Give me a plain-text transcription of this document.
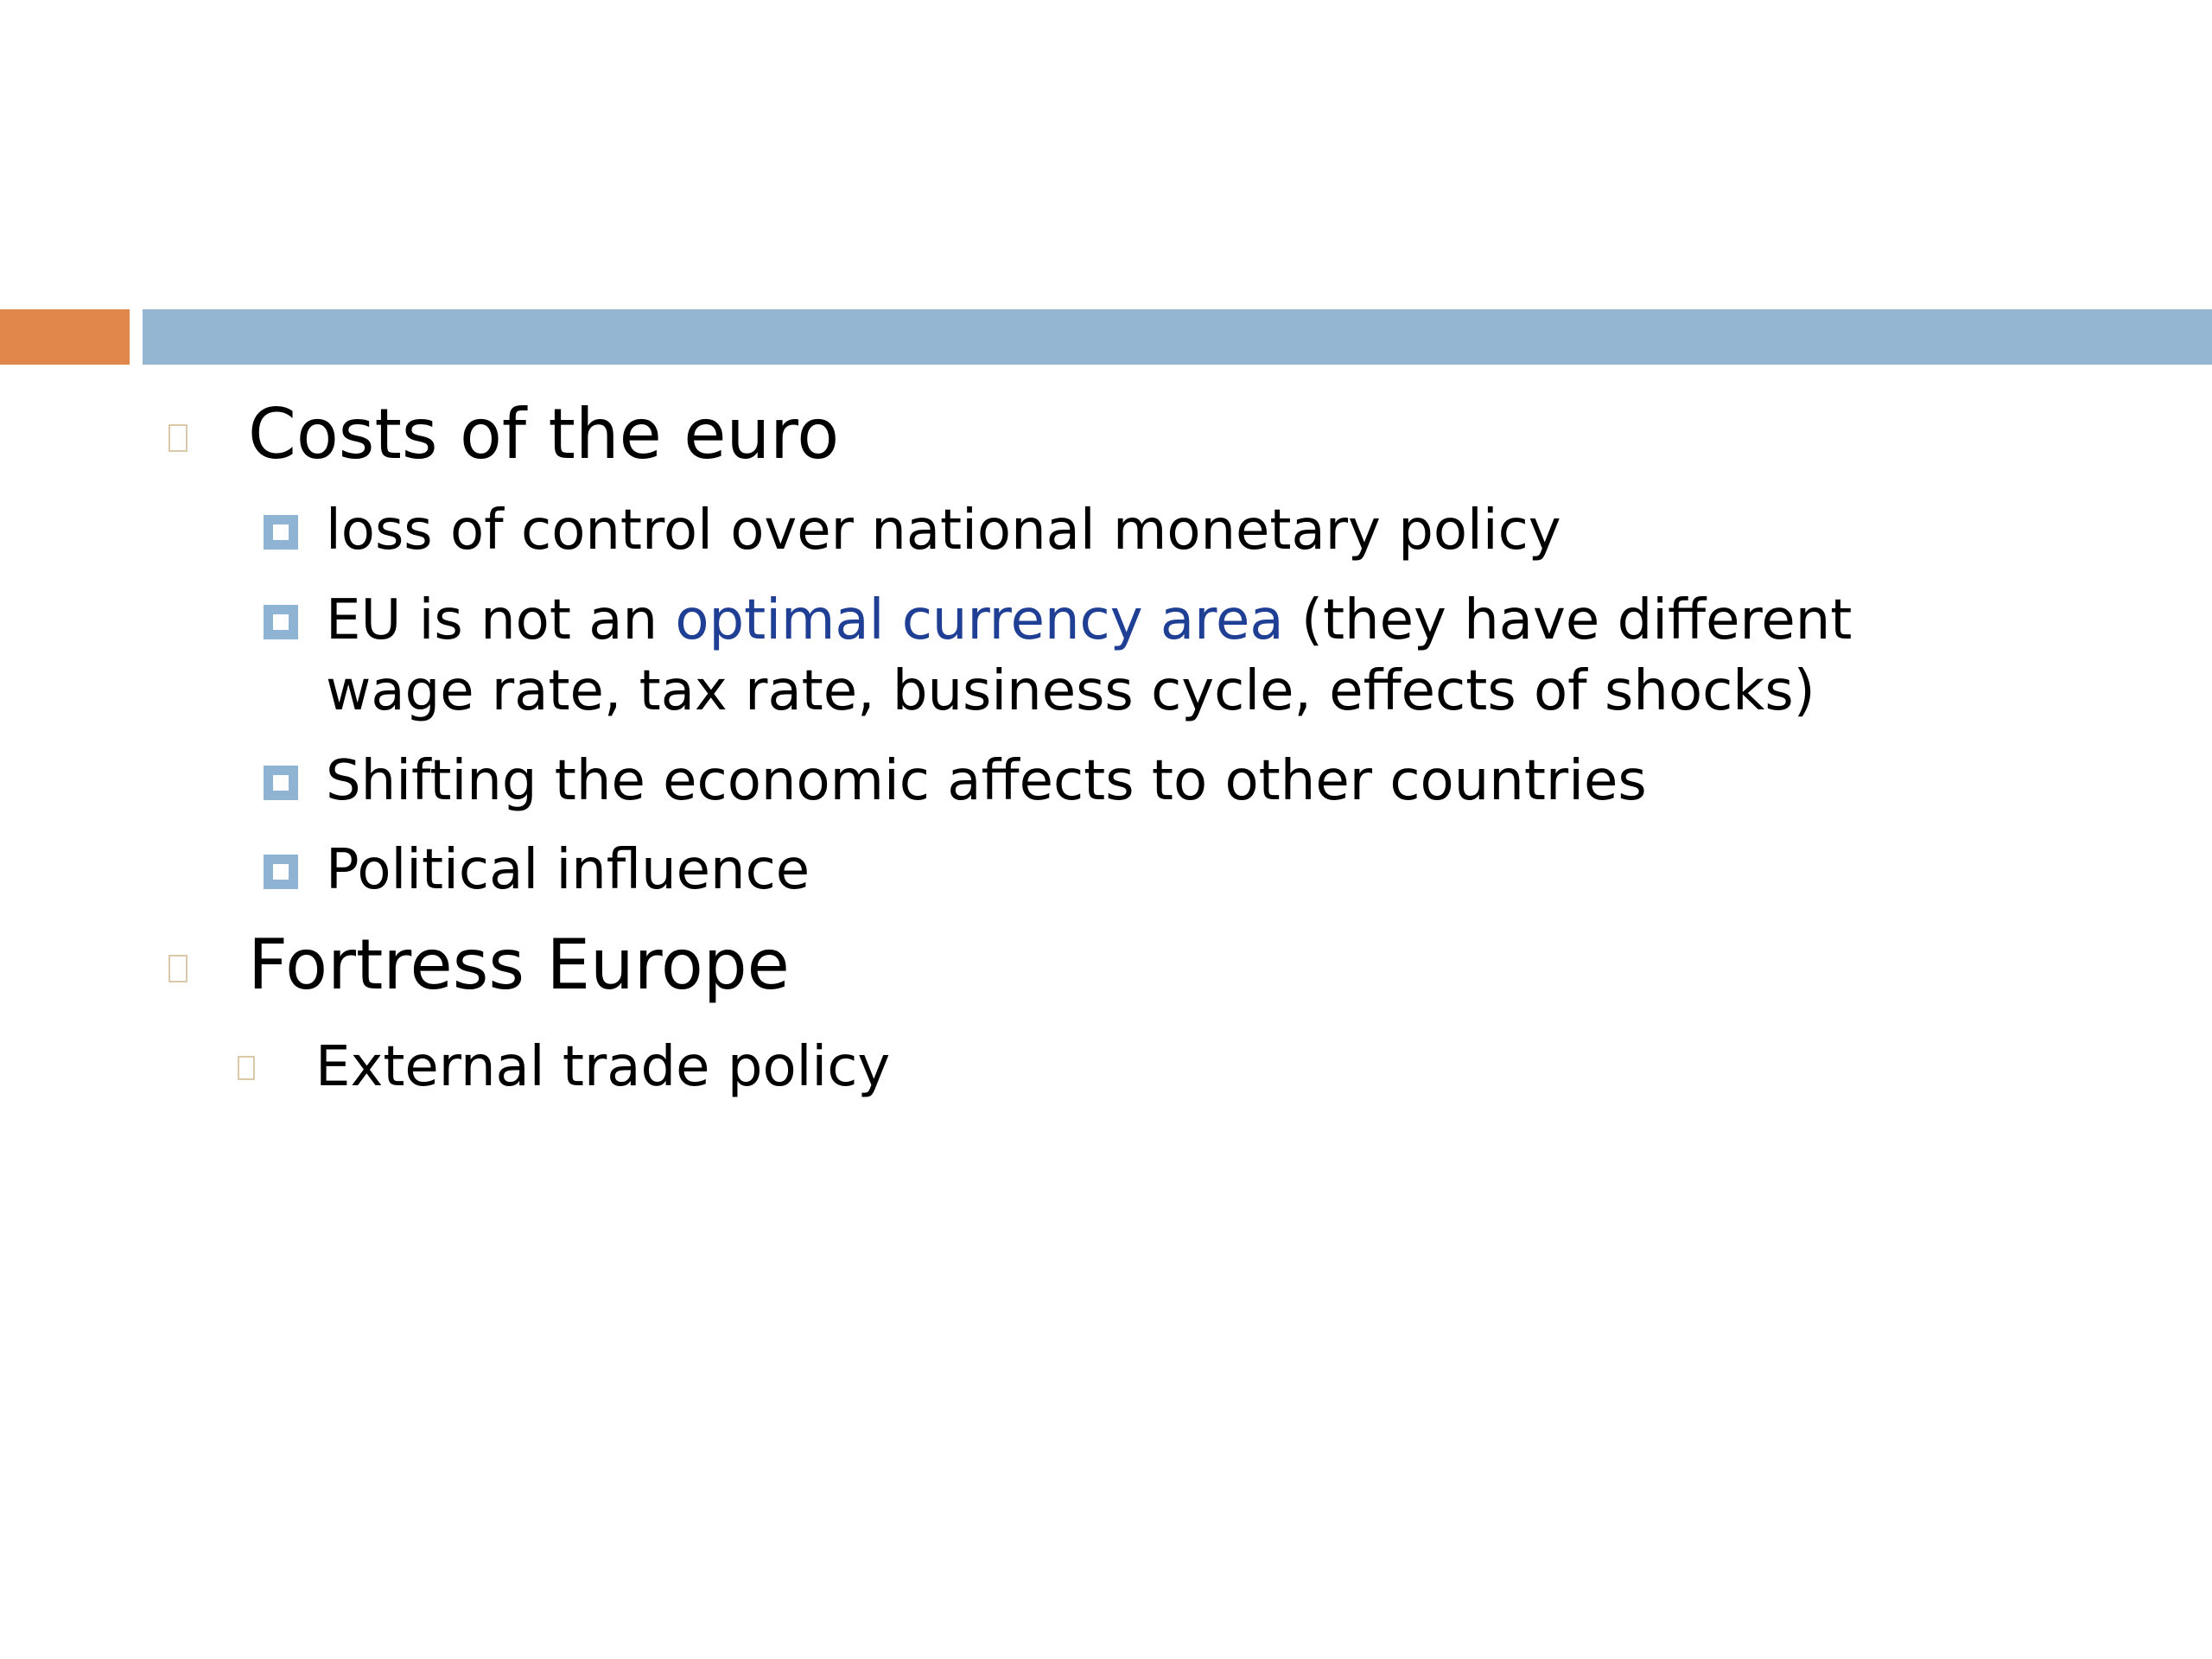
Costs of the euro
loss of control over national monetary policy
EU is not an optimal currency area (they have different
wage rate, tax rate, business cycle, effects of shocks)
Shifting the economic affects to other countries
Political influence
Fortress Europe
External trade policy
